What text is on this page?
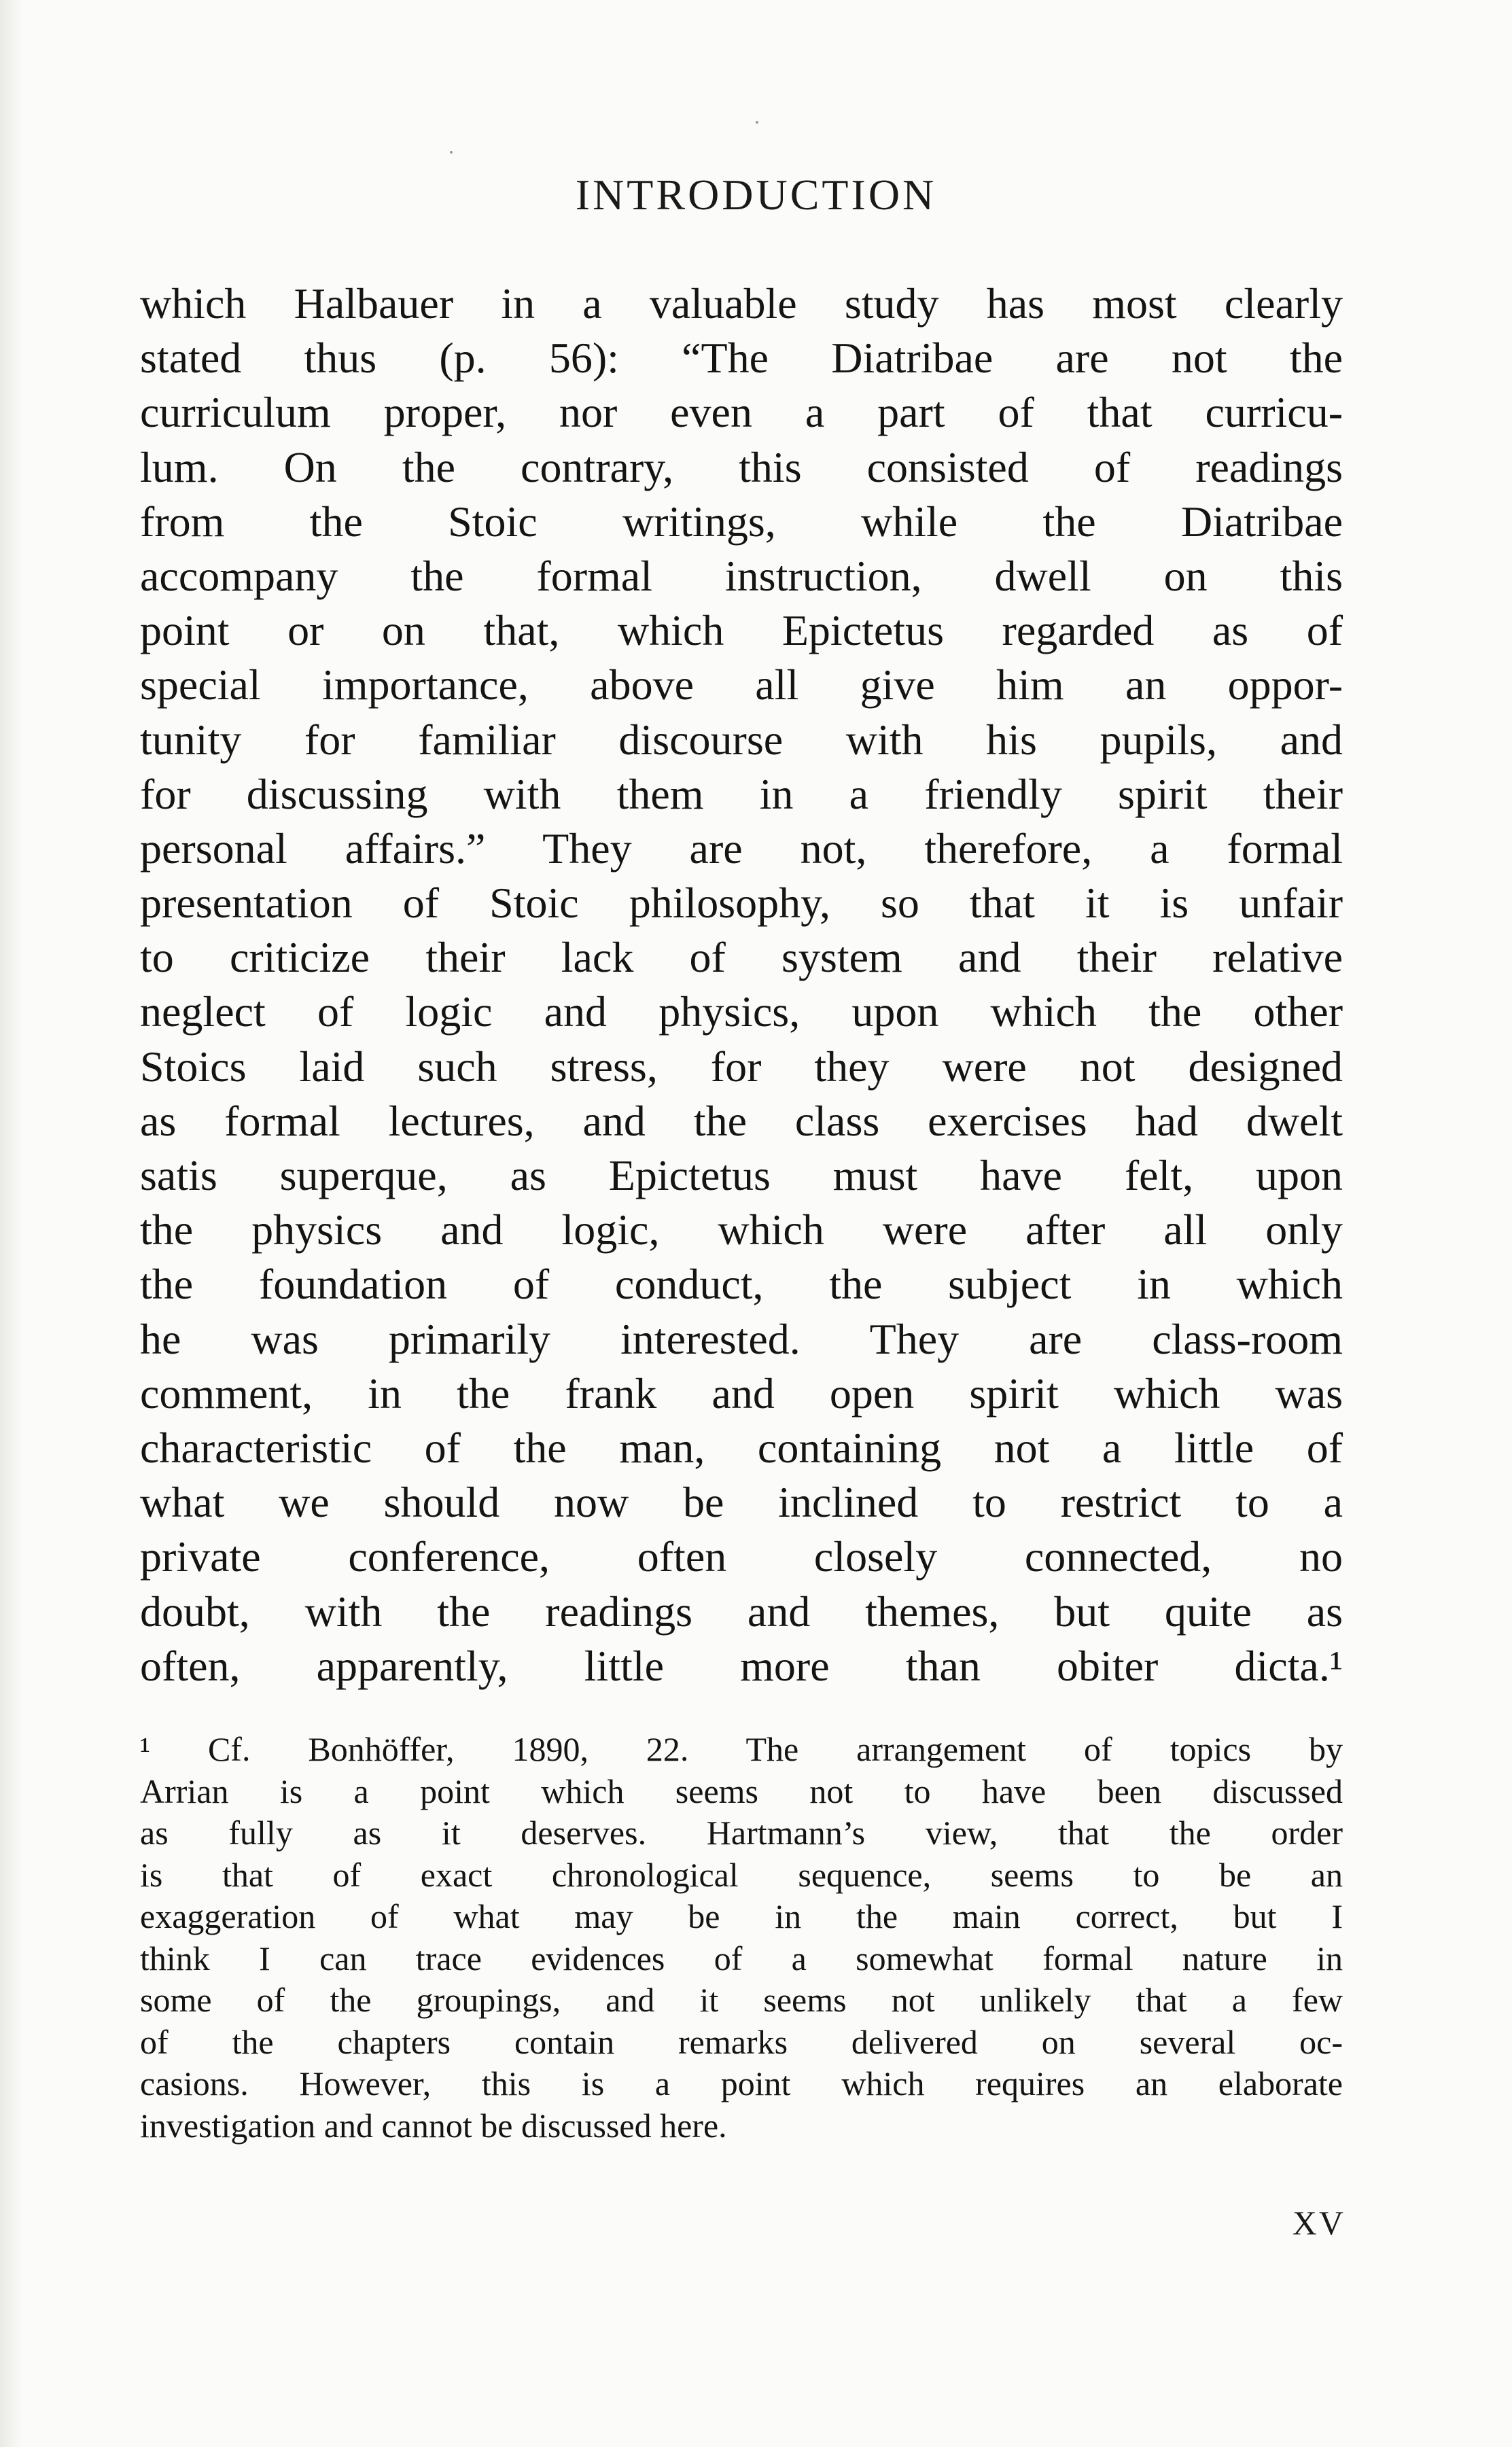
INTRODUCTION
which Halbauer in a valuable study has most clearly
stated thus (p. 56): “The Diatribae are not the
curriculum proper, nor even a part of that curricu-
lum. On the contrary, this consisted of readings
from the Stoic writings, while the Diatribae
accompany the formal instruction, dwell on this
point or on that, which Epictetus regarded as of
special importance, above all give him an oppor-
tunity for familiar discourse with his pupils, and
for discussing with them in a friendly spirit their
personal affairs.” They are not, therefore, a formal
presentation of Stoic philosophy, so that it is unfair
to criticize their lack of system and their relative
neglect of logic and physics, upon which the other
Stoics laid such stress, for they were not designed
as formal lectures, and the class exercises had dwelt
satis superque, as Epictetus must have felt, upon
the physics and logic, which were after all only
the foundation of conduct, the subject in which
he was primarily interested. They are class-room
comment, in the frank and open spirit which was
characteristic of the man, containing not a little of
what we should now be inclined to restrict to a
private conference, often closely connected, no
doubt, with the readings and themes, but quite as
often, apparently, little more than obiter dicta.¹
¹ Cf. Bonhöffer, 1890, 22. The arrangement of topics by
Arrian is a point which seems not to have been discussed
as fully as it deserves. Hartmann’s view, that the order
is that of exact chronological sequence, seems to be an
exaggeration of what may be in the main correct, but I
think I can trace evidences of a somewhat formal nature in
some of the groupings, and it seems not unlikely that a few
of the chapters contain remarks delivered on several oc-
casions. However, this is a point which requires an elaborate
investigation and cannot be discussed here.
XV
